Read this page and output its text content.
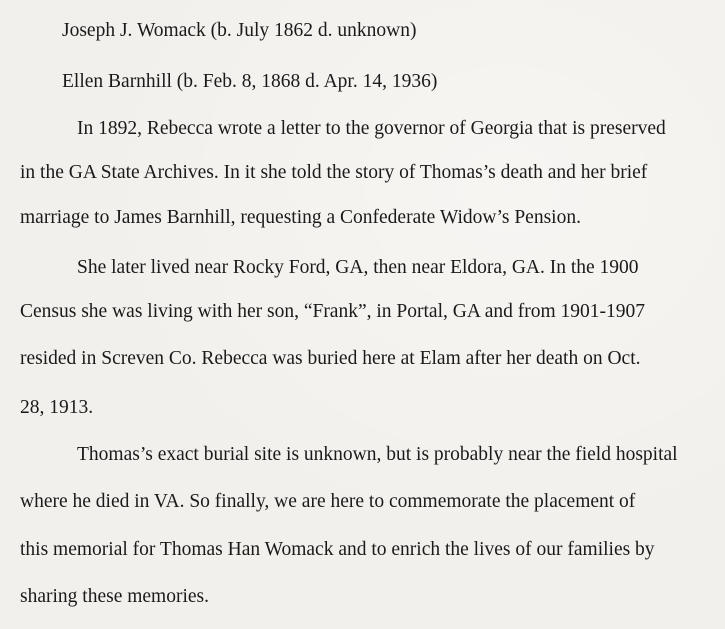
Joseph J. Womack (b. July 1862 d. unknown)
Ellen Barnhill (b. Feb. 8, 1868 d. Apr. 14, 1936)
In 1892, Rebecca wrote a letter to the governor of Georgia that is preserved
in the GA State Archives. In it she told the story of Thomas’s death and her brief
marriage to James Barnhill, requesting a Confederate Widow’s Pension.
She later lived near Rocky Ford, GA, then near Eldora, GA. In the 1900
Census she was living with her son, “Frank”, in Portal, GA and from 1901-1907
resided in Screven Co. Rebecca was buried here at Elam after her death on Oct.
28, 1913.
Thomas’s exact burial site is unknown, but is probably near the field hospital
where he died in VA. So finally, we are here to commemorate the placement of
this memorial for Thomas Han Womack and to enrich the lives of our families by
sharing these memories.
